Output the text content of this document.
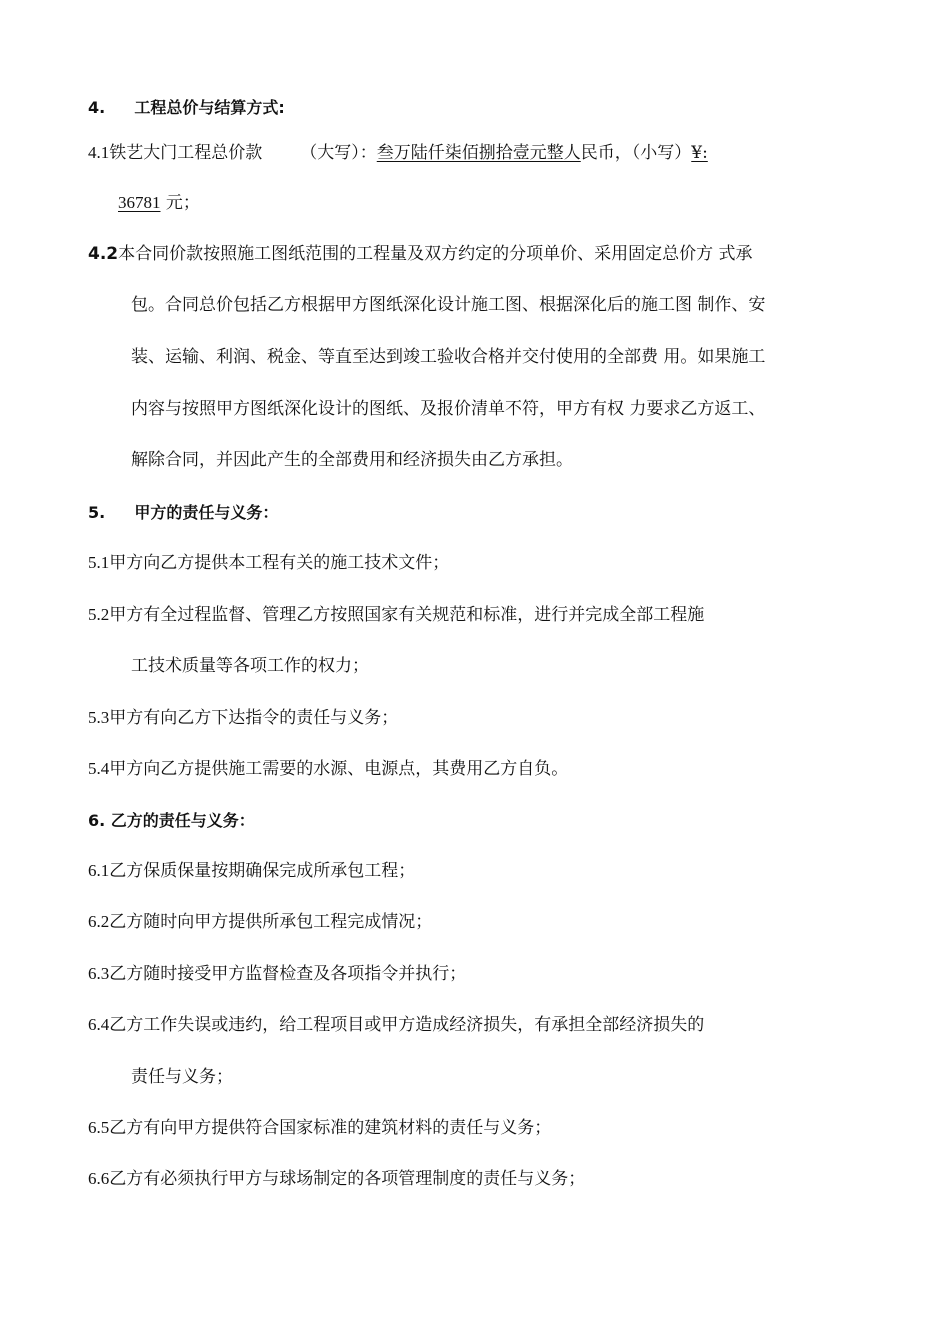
4. 工程总价与结算方式:
4.1铁艺大门工程总价款 （大写）：叁万陆仟柒佰捌拾壹元整人民币，（小写）¥:
36781 元；
4.2本合同价款按照施工图纸范围的工程量及双方约定的分项单价、采用固定总价方 式承
包。合同总价包括乙方根据甲方图纸深化设计施工图、根据深化后的施工图 制作、安
装、运输、利润、税金、等直至达到竣工验收合格并交付使用的全部费 用。如果施工
内容与按照甲方图纸深化设计的图纸、及报价清单不符，甲方有权 力要求乙方返工、
解除合同，并因此产生的全部费用和经济损失由乙方承担。
5. 甲方的责任与义务：
5.1甲方向乙方提供本工程有关的施工技术文件；
5.2甲方有全过程监督、管理乙方按照国家有关规范和标准，进行并完成全部工程施
工技术质量等各项工作的权力；
5.3甲方有向乙方下达指令的责任与义务；
5.4甲方向乙方提供施工需要的水源、电源点，其费用乙方自负。
6. 乙方的责任与义务：
6.1乙方保质保量按期确保完成所承包工程；
6.2乙方随时向甲方提供所承包工程完成情况；
6.3乙方随时接受甲方监督检查及各项指令并执行；
6.4乙方工作失误或违约，给工程项目或甲方造成经济损失，有承担全部经济损失的
责任与义务；
6.5乙方有向甲方提供符合国家标准的建筑材料的责任与义务；
6.6乙方有必须执行甲方与球场制定的各项管理制度的责任与义务；
